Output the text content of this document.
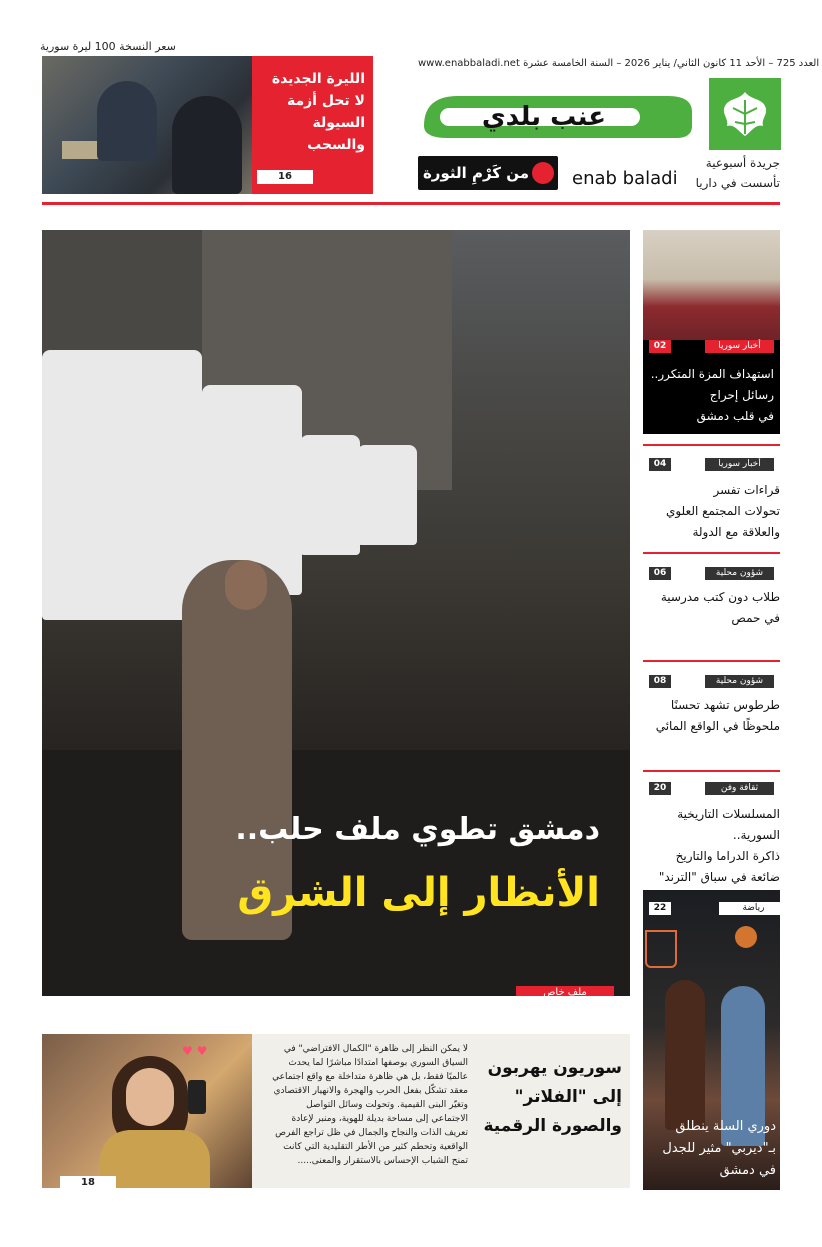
سعر النسخة 100 ليرة سورية
الليرة الجديدة
لا تحل أزمة
السيولة والسحب
16
www.enabbaladi.net العدد 725 – الأحد 11 كانون الثاني/ يناير 2026 – السنة الخامسة عشرة
عنب بلدي
جريدة أسبوعية
تأسست في داريا
enab baladi
من كَرْمِ الثورة
دمشق تطوي ملف حلب..
الأنظار إلى الشرق
ملف خاص
أخبار سوريا
02
استهداف المزة المتكرر..
رسائل إحراج
في قلب دمشق
أخبار سوريا
04
قراءات تفسر
تحولات المجتمع العلوي
والعلاقة مع الدولة
شؤون محلية
06
طلاب دون كتب مدرسية
في حمص
شؤون محلية
08
طرطوس تشهد تحسنًا
ملحوظًا في الواقع المائي
ثقافة وفن
20
المسلسلات التاريخية السورية..
ذاكرة الدراما والتاريخ
ضائعة في سباق "الترند"
رياضة
22
دوري السلة ينطلق
بـ"ديربي" مثير للجدل
في دمشق
♥ ♥
18
لا يمكن النظر إلى ظاهرة "الكمال الافتراضي" في السياق السوري بوصفها امتدادًا مباشرًا لما يحدث عالميًا فقط، بل هي ظاهرة متداخلة مع واقع اجتماعي معقد تشكّل بفعل الحرب والهجرة والانهيار الاقتصادي وتغيّر البنى القيمية. وتحولت وسائل التواصل الاجتماعي إلى مساحة بديلة للهوية، ومنبر لإعادة تعريف الذات والنجاح والجمال في ظل تراجع الفرص الواقعية وتحطم كثير من الأطر التقليدية التي كانت تمنح الشباب الإحساس بالاستقرار والمعنى.....
سوريون يهربون
إلى "الفلاتر"
والصورة الرقمية
